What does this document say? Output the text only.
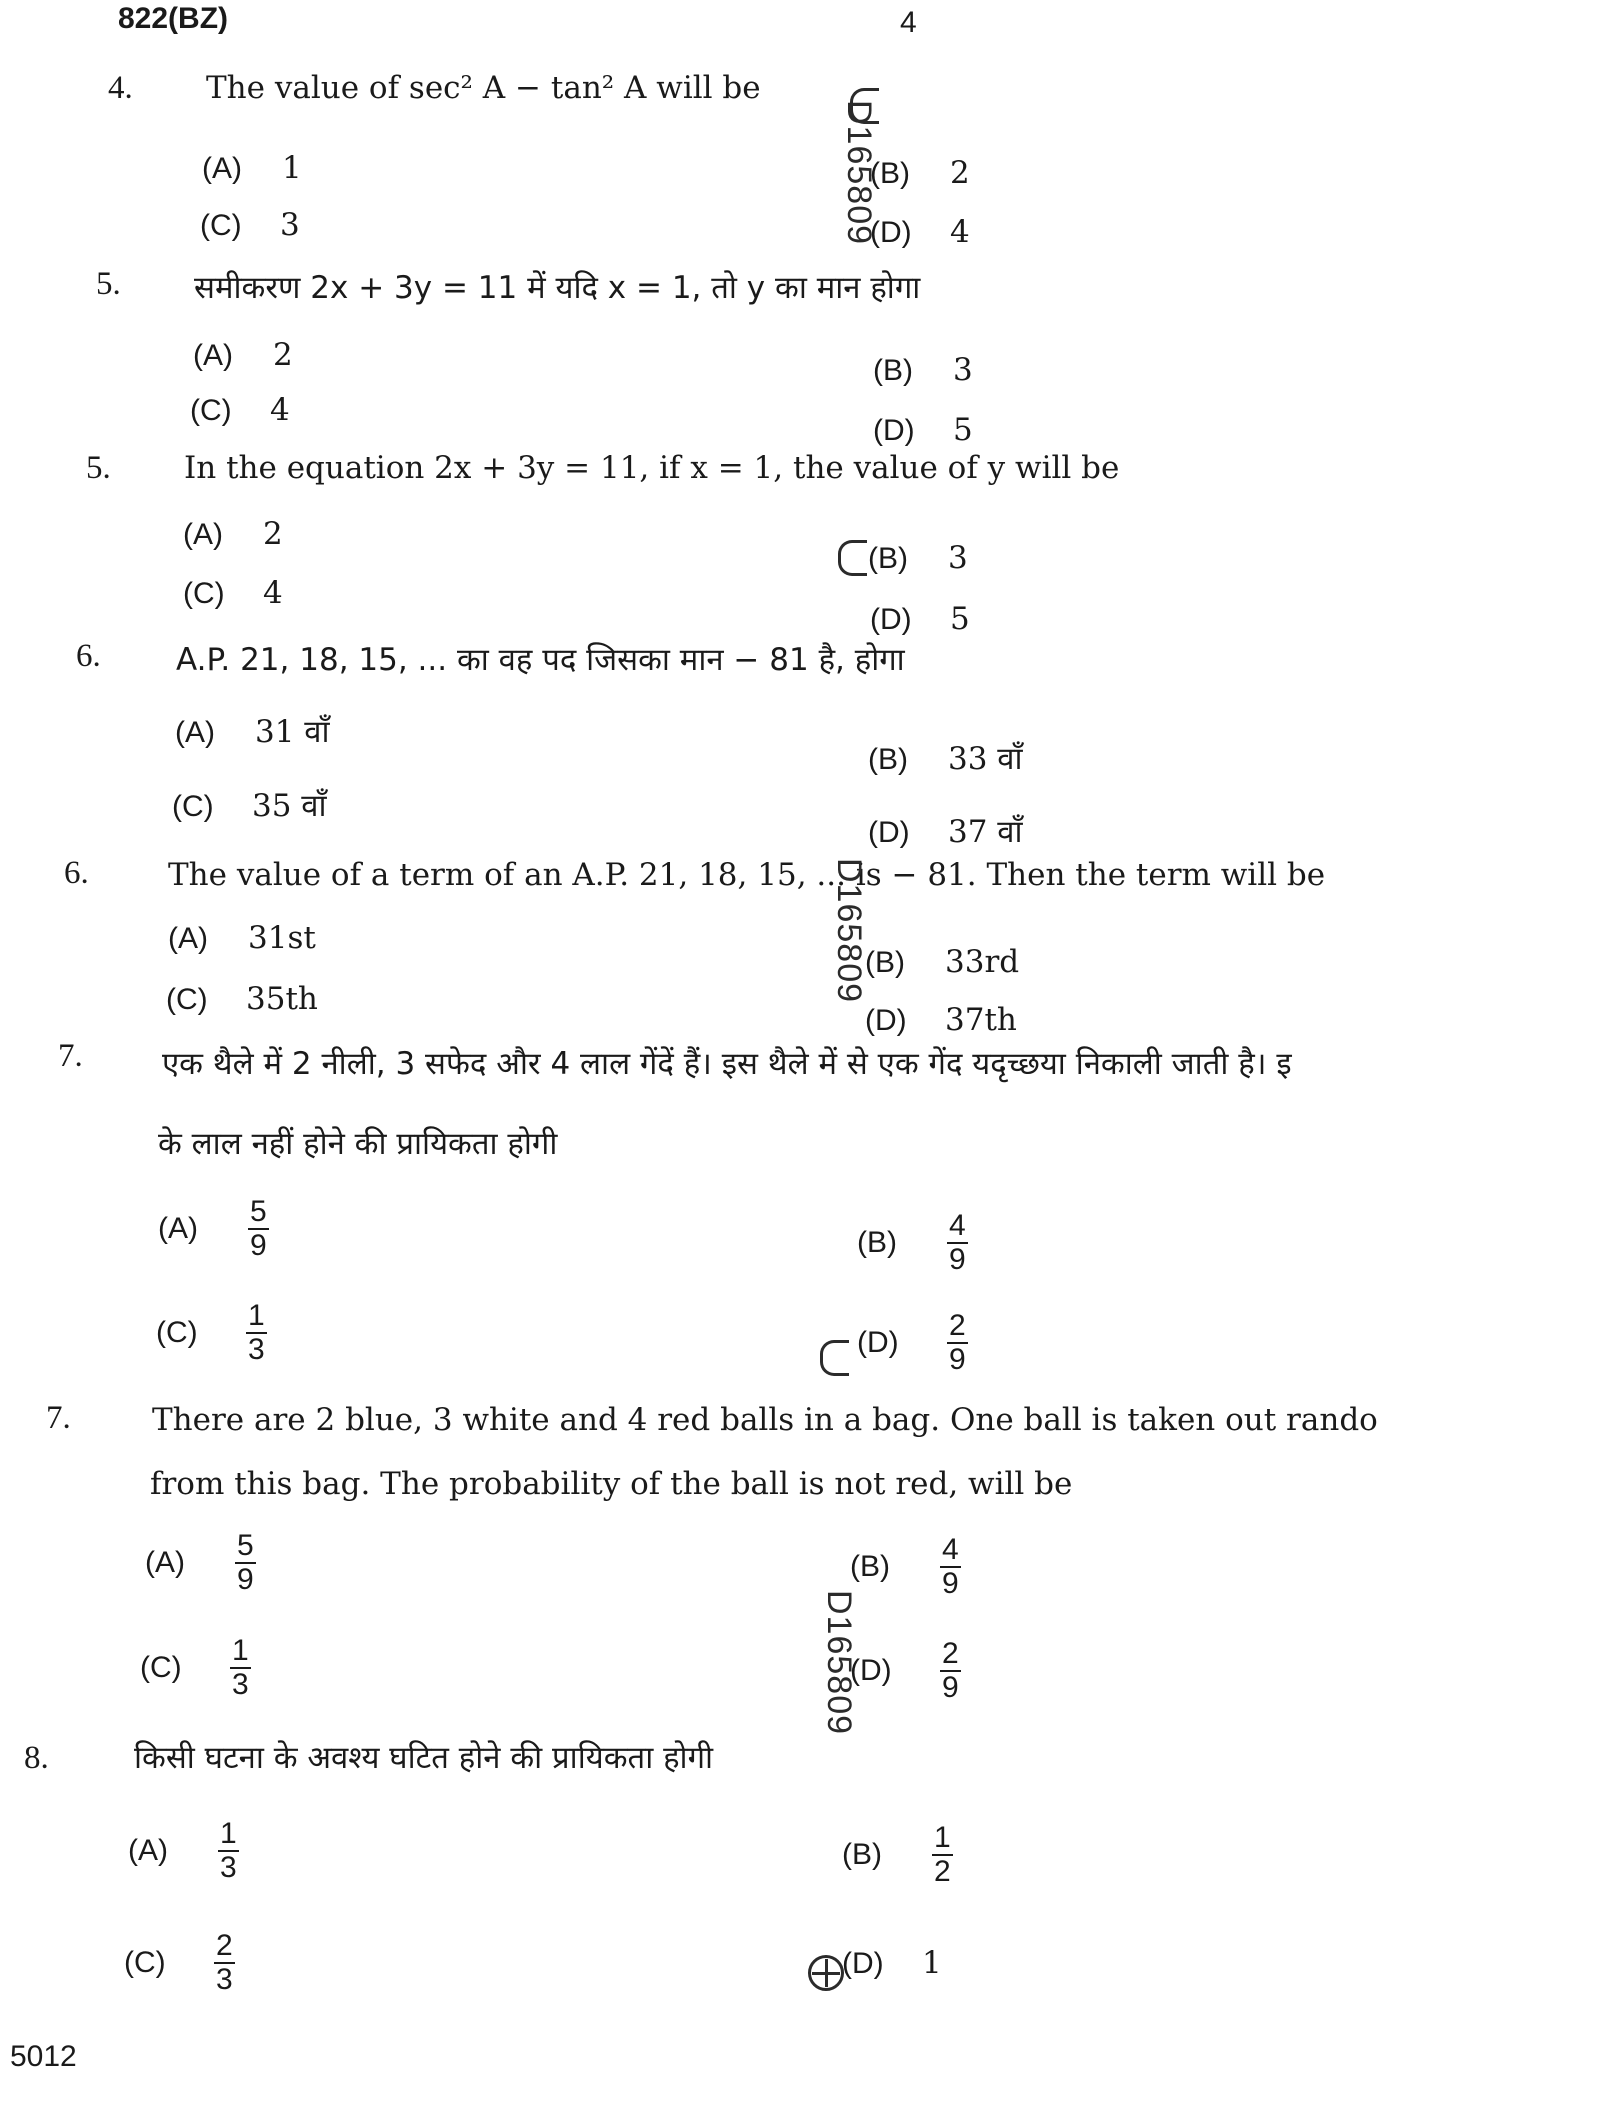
822(BZ)	4
4. The value of sec² A − tan² A will be
(A) 1	(B) 2
(C) 3	(D) 4
5. समीकरण 2x + 3y = 11 में यदि x = 1, तो y का मान होगा
(A) 2	(B) 3
(C) 4
(D) 5
5. In the equation 2x + 3y = 11, if x = 1, the value of y will be
(A) 2
(B) 3
(C) 4
(D) 5
6. A.P. 21, 18, 15, ... का वह पद जिसका मान − 81 है, होगा
(A) 31 वाँ
(B) 33 वाँ
(C) 35 वाँ
(D) 37 वाँ
6.	The value of a term of an A.P. 21, 18, 15, ... is − 81. Then the term will be
(A) 31st
(B) 33rd
(C) 35th
(D) 37th
7.	एक थैले में 2 नीली, 3 सफेद और 4 लाल गेंदें हैं। इस थैले में से एक गेंद यदृच्छया निकाली जाती है। इ
के लाल नहीं होने की प्रायिकता होगी
$(A) \frac{5}{9}$	$(B) \frac{4}{9}$
$(C) \frac{1}{3}$	$(D) \frac{2}{9}$
7.	There are 2 blue, 3 white and 4 red balls in a bag. One ball is taken out rando
from this bag. The probability of the ball is not red, will be
$(A) \frac{5}{9}$	$(B) \frac{4}{9}$
$(C) \frac{1}{3}$	$(D) \frac{2}{9}$
8.	किसी घटना के अवश्य घटित होने की प्रायिकता होगी
$(A) \frac{1}{3}$	$(B) \frac{1}{2}$
$(C) \frac{2}{3}$	(D) 1
5012
D165809
D165809
D165809
